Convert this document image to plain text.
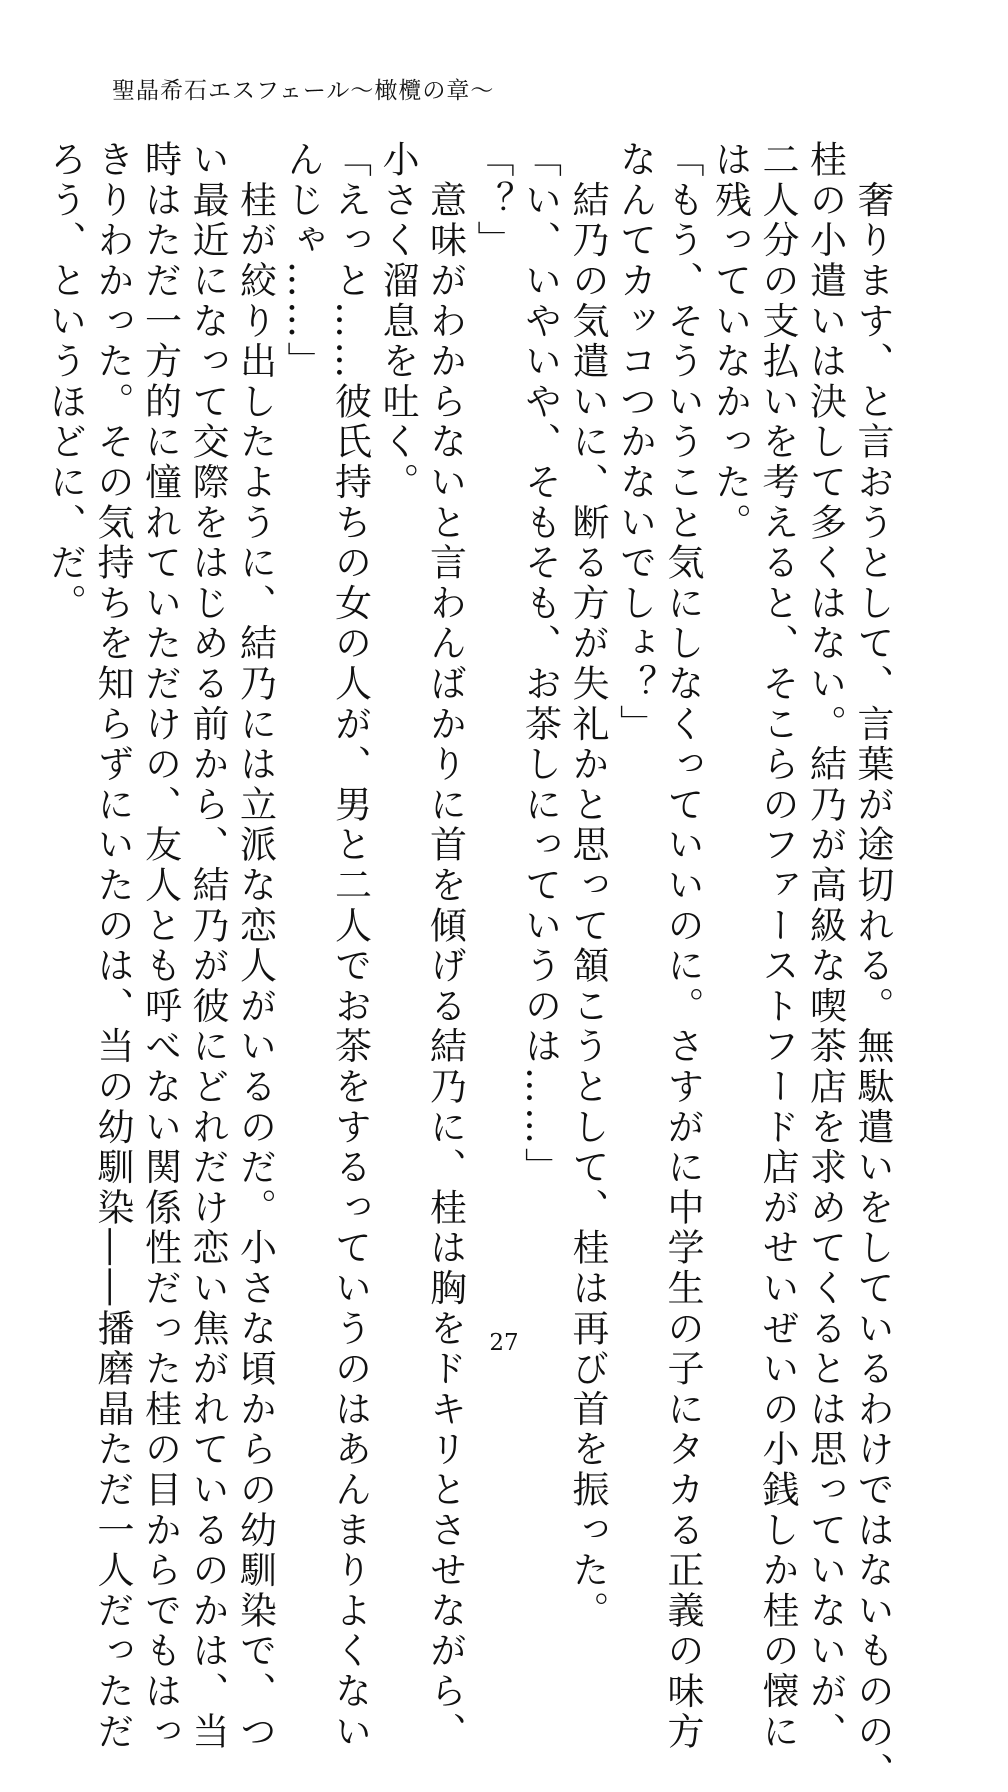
聖晶希石エスフェール〜橄欖の章〜
　奢ります、と言おうとして、言葉が途切れる。無駄遣いをしているわけではないものの、
桂の小遣いは決して多くはない。結乃が高級な喫茶店を求めてくるとは思っていないが、
二人分の支払いを考えると、そこらのファーストフード店がせいぜいの小銭しか桂の懐に
は残っていなかった。
「もう、そういうこと気にしなくっていいのに。さすがに中学生の子にタカる正義の味方
なんてカッコつかないでしょ？」
　結乃の気遣いに、断る方が失礼かと思って頷こうとして、桂は再び首を振った。
「い、いやいや、そもそも、お茶しにっていうのは……」
「？」
　意味がわからないと言わんばかりに首を傾げる結乃に、桂は胸をドキリとさせながら、
小さく溜息を吐く。
「えっと……彼氏持ちの女の人が、男と二人でお茶をするっていうのはあんまりよくない
んじゃ……」
　桂が絞り出したように、結乃には立派な恋人がいるのだ。小さな頃からの幼馴染で、つ
い最近になって交際をはじめる前から、結乃が彼にどれだけ恋い焦がれているのかは、当
時はただ一方的に憧れていただけの、友人とも呼べない関係性だった桂の目からでもはっ
きりわかった。その気持ちを知らずにいたのは、当の幼馴染――播磨晶ただ一人だっただ
ろう、というほどに、だ。
27
